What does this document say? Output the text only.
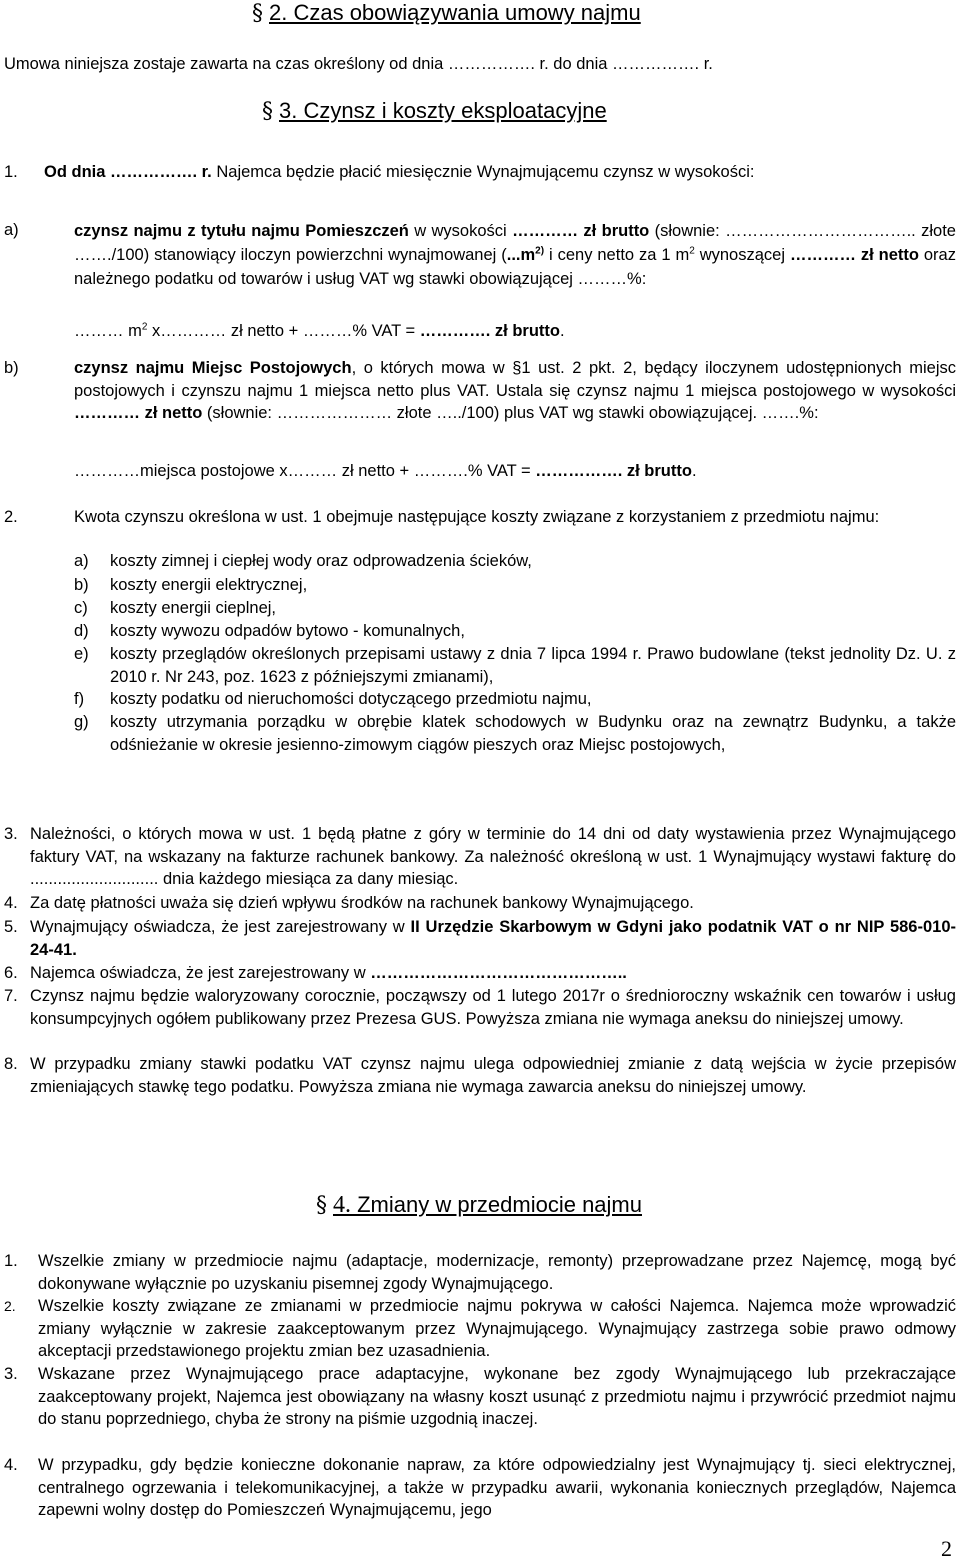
§ 2. Czas obowiązywania umowy najmu
Umowa niniejsza zostaje zawarta na czas określony od dnia ……………. r. do dnia ……………. r.
§ 3. Czynsz i koszty eksploatacyjne
1. Od dnia ……………. r. Najemca będzie płacić miesięcznie Wynajmującemu czynsz w wysokości:
a)	czynsz najmu z tytułu najmu Pomieszczeń w wysokości ………… zł brutto (słownie: …………………………….. złote ……./100) stanowiący iloczyn powierzchni wynajmowanej ($...m^{2)}$ i ceny netto za 1 $m^2$ wynoszącej ………… zł netto oraz należnego podatku od towarów i usług VAT wg stawki obowiązującej ………%:
……… $m^2$ x………… zł netto + ………% VAT = …………. zł brutto.
b)	czynsz najmu Miejsc Postojowych, o których mowa w §1 ust. 2 pkt. 2, będący iloczynem udostępnionych miejsc postojowych i czynszu najmu 1 miejsca netto plus VAT. Ustala się czynsz najmu 1 miejsca postojowego w wysokości ………… zł netto (słownie: ………………… złote …../100) plus VAT wg stawki obowiązującej. …….%:
…………miejsca postojowe x……… zł netto + ……….% VAT = ……………. zł brutto.
2.	Kwota czynszu określona w ust. 1 obejmuje następujące koszty związane z korzystaniem z przedmiotu najmu:
a) koszty zimnej i ciepłej wody oraz odprowadzenia ścieków,
b) koszty energii elektrycznej,
c) koszty energii cieplnej,
d) koszty wywozu odpadów bytowo - komunalnych,
e) koszty przeglądów określonych przepisami ustawy z dnia 7 lipca 1994 r. Prawo budowlane (tekst jednolity Dz. U. z 2010 r. Nr 243, poz. 1623 z późniejszymi zmianami),
f) koszty podatku od nieruchomości dotyczącego przedmiotu najmu,
g) koszty utrzymania porządku w obrębie klatek schodowych w Budynku oraz na zewnątrz Budynku, a także odśnieżanie w okresie jesienno-zimowym ciągów pieszych oraz Miejsc postojowych,
3. Należności, o których mowa w ust. 1 będą płatne z góry w terminie do 14 dni od daty wystawienia przez Wynajmującego faktury VAT, na wskazany na fakturze rachunek bankowy. Za należność określoną w ust. 1 Wynajmujący wystawi fakturę do ............................ dnia każdego miesiąca za dany miesiąc.
4. Za datę płatności uważa się dzień wpływu środków na rachunek bankowy Wynajmującego.
5. Wynajmujący oświadcza, że jest zarejestrowany w II Urzędzie Skarbowym w Gdyni jako podatnik VAT o nr NIP 586-010-24-41.
6. Najemca oświadcza, że jest zarejestrowany w ………………………………………..
7. Czynsz najmu będzie waloryzowany corocznie, począwszy od 1 lutego 2017r o średnioroczny wskaźnik cen towarów i usług konsumpcyjnych ogółem publikowany przez Prezesa GUS. Powyższa zmiana nie wymaga aneksu do niniejszej umowy.
8. W przypadku zmiany stawki podatku VAT czynsz najmu ulega odpowiedniej zmianie z datą wejścia w życie przepisów zmieniających stawkę tego podatku. Powyższa zmiana nie wymaga zawarcia aneksu do niniejszej umowy.
§ 4. Zmiany w przedmiocie najmu
1. Wszelkie zmiany w przedmiocie najmu (adaptacje, modernizacje, remonty) przeprowadzane przez Najemcę, mogą być dokonywane wyłącznie po uzyskaniu pisemnej zgody Wynajmującego.
2. Wszelkie koszty związane ze zmianami w przedmiocie najmu pokrywa w całości Najemca. Najemca może wprowadzić zmiany wyłącznie w zakresie zaakceptowanym przez Wynajmującego. Wynajmujący zastrzega sobie prawo odmowy akceptacji przedstawionego projektu zmian bez uzasadnienia.
3. Wskazane przez Wynajmującego prace adaptacyjne, wykonane bez zgody Wynajmującego lub przekraczające zaakceptowany projekt, Najemca jest obowiązany na własny koszt usunąć z przedmiotu najmu i przywrócić przedmiot najmu do stanu poprzedniego, chyba że strony na piśmie uzgodnią inaczej.
4. W przypadku, gdy będzie konieczne dokonanie napraw, za które odpowiedzialny jest Wynajmujący tj. sieci elektrycznej, centralnego ogrzewania i telekomunikacyjnej, a także w przypadku awarii, wykonania koniecznych przeglądów, Najemca zapewni wolny dostęp do Pomieszczeń Wynajmującemu, jego
2
